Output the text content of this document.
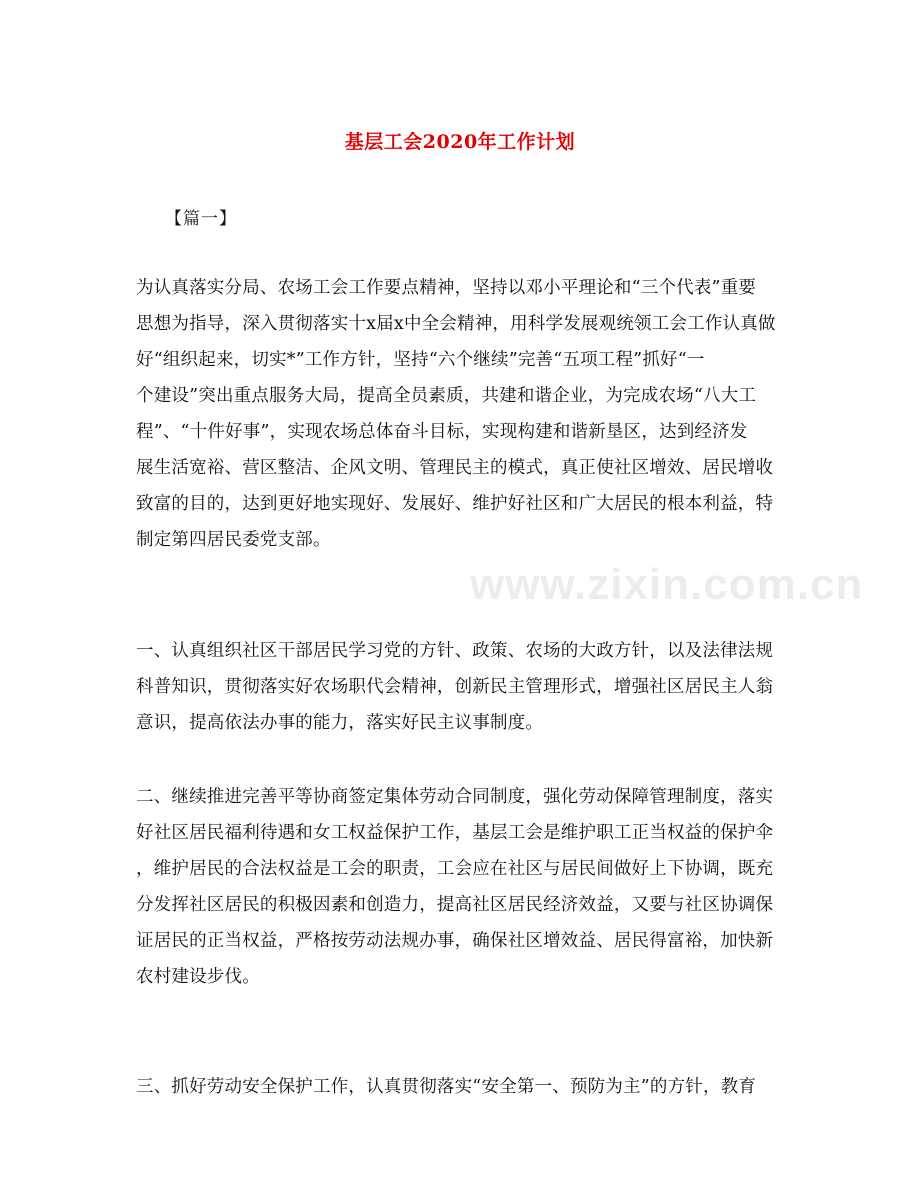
www.zixin.com.cn
基层工会2020年工作计划
【篇一】

为认真落实分局、农场工会工作要点精神，坚持以邓小平理论和“三个代表”重要
思想为指导，深入贯彻落实十x届x中全会精神，用科学发展观统领工会工作认真做
好“组织起来，切实*”工作方针，坚持“六个继续”完善“五项工程”抓好“一
个建设”突出重点服务大局，提高全员素质，共建和谐企业，为完成农场“八大工
程”、“十件好事”，实现农场总体奋斗目标，实现构建和谐新垦区，达到经济发
展生活宽裕、营区整洁、企风文明、管理民主的模式，真正使社区增效、居民增收
致富的目的，达到更好地实现好、发展好、维护好社区和广大居民的根本利益，特
制定第四居民委党支部。

一、认真组织社区干部居民学习党的方针、政策、农场的大政方针，以及法律法规
科普知识，贯彻落实好农场职代会精神，创新民主管理形式，增强社区居民主人翁
意识，提高依法办事的能力，落实好民主议事制度。

二、继续推进完善平等协商签定集体劳动合同制度，强化劳动保障管理制度，落实
好社区居民福利待遇和女工权益保护工作，基层工会是维护职工正当权益的保护伞
，维护居民的合法权益是工会的职责，工会应在社区与居民间做好上下协调，既充
分发挥社区居民的积极因素和创造力，提高社区居民经济效益，又要与社区协调保
证居民的正当权益，严格按劳动法规办事，确保社区增效益、居民得富裕，加快新
农村建设步伐。

三、抓好劳动安全保护工作，认真贯彻落实“安全第一、预防为主”的方针，教育
